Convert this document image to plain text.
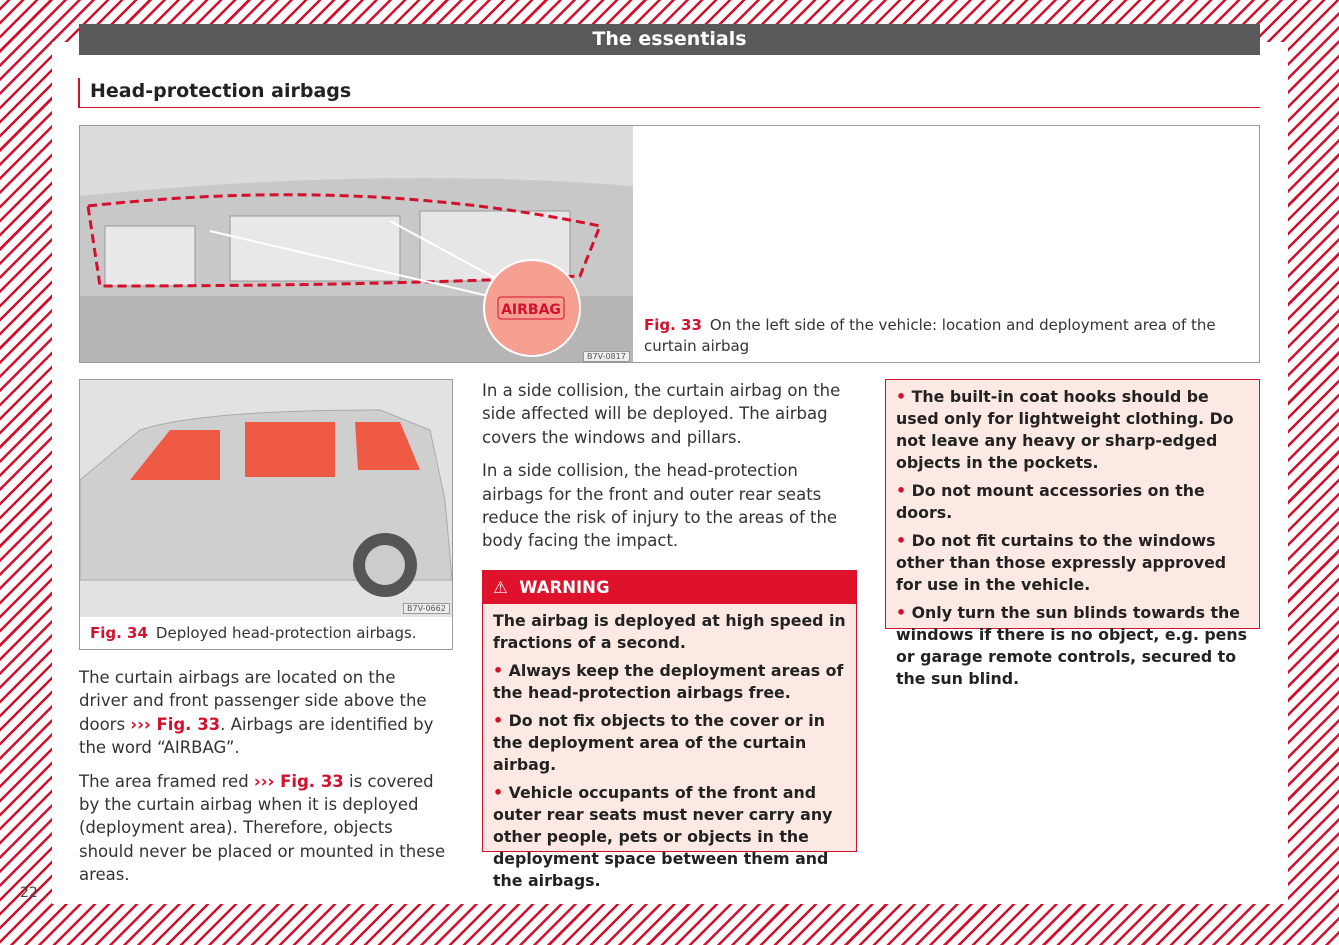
The essentials
Head-protection airbags
AIRBAG
B7V-0817
Fig. 33 On the left side of the vehicle: location and deployment area of the curtain airbag
B7V-0662
Fig. 34 Deployed head-protection airbags.

The curtain airbags are located on the driver and front passenger side above the doors ››› Fig. 33. Airbags are identified by the word “AIRBAG”.

The area framed red ››› Fig. 33 is covered by the curtain airbag when it is deployed (deployment area). Therefore, objects should never be placed or mounted in these areas.

In a side collision, the curtain airbag on the side affected will be deployed. The airbag covers the windows and pillars.

In a side collision, the head-protection airbags for the front and outer rear seats reduce the risk of injury to the areas of the body facing the impact.

⚠ WARNING

The airbag is deployed at high speed in fractions of a second.

• Always keep the deployment areas of the head-protection airbags free.

• Do not fix objects to the cover or in the deployment area of the curtain airbag.

• Vehicle occupants of the front and outer rear seats must never carry any other people, pets or objects in the deployment space between them and the airbags.

• The built-in coat hooks should be used only for lightweight clothing. Do not leave any heavy or sharp-edged objects in the pockets.

• Do not mount accessories on the doors.

• Do not fit curtains to the windows other than those expressly approved for use in the vehicle.

• Only turn the sun blinds towards the windows if there is no object, e.g. pens or garage remote controls, secured to the sun blind.

22
